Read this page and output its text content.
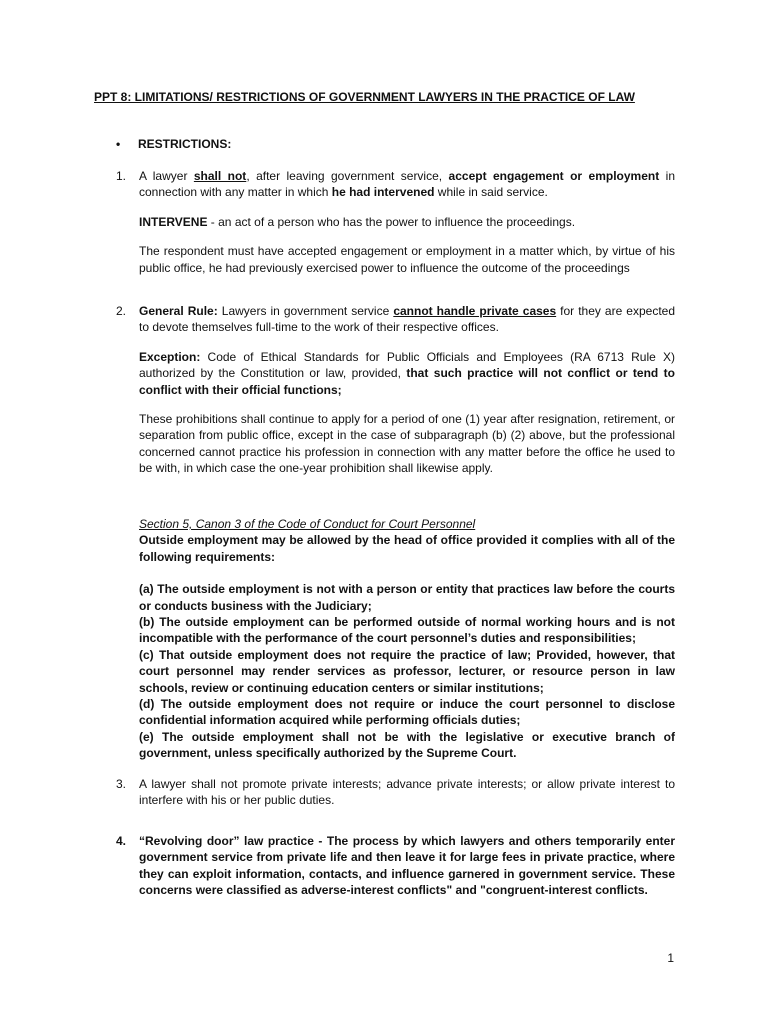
PPT 8: LIMITATIONS/ RESTRICTIONS OF GOVERNMENT LAWYERS IN THE PRACTICE OF LAW
• RESTRICTIONS:
1. A lawyer shall not, after leaving government service, accept engagement or employment in connection with any matter in which he had intervened while in said service.

INTERVENE - an act of a person who has the power to influence the proceedings.

The respondent must have accepted engagement or employment in a matter which, by virtue of his public office, he had previously exercised power to influence the outcome of the proceedings

2. General Rule: Lawyers in government service cannot handle private cases for they are expected to devote themselves full-time to the work of their respective offices.

Exception: Code of Ethical Standards for Public Officials and Employees (RA 6713 Rule X) authorized by the Constitution or law, provided, that such practice will not conflict or tend to conflict with their official functions;

These prohibitions shall continue to apply for a period of one (1) year after resignation, retirement, or separation from public office, except in the case of subparagraph (b) (2) above, but the professional concerned cannot practice his profession in connection with any matter before the office he used to be with, in which case the one-year prohibition shall likewise apply.

Section 5, Canon 3 of the Code of Conduct for Court Personnel
Outside employment may be allowed by the head of office provided it complies with all of the following requirements:

(a) The outside employment is not with a person or entity that practices law before the courts or conducts business with the Judiciary;

(b) The outside employment can be performed outside of normal working hours and is not incompatible with the performance of the court personnel’s duties and responsibilities;

(c) That outside employment does not require the practice of law; Provided, however, that court personnel may render services as professor, lecturer, or resource person in law schools, review or continuing education centers or similar institutions;

(d) The outside employment does not require or induce the court personnel to disclose confidential information acquired while performing officials duties;

(e) The outside employment shall not be with the legislative or executive branch of government, unless specifically authorized by the Supreme Court.

3. A lawyer shall not promote private interests; advance private interests; or allow private interest to interfere with his or her public duties.

4. “Revolving door” law practice - The process by which lawyers and others temporarily enter government service from private life and then leave it for large fees in private practice, where they can exploit information, contacts, and influence garnered in government service. These concerns were classified as adverse-interest conflicts" and "congruent-interest conflicts.

1
